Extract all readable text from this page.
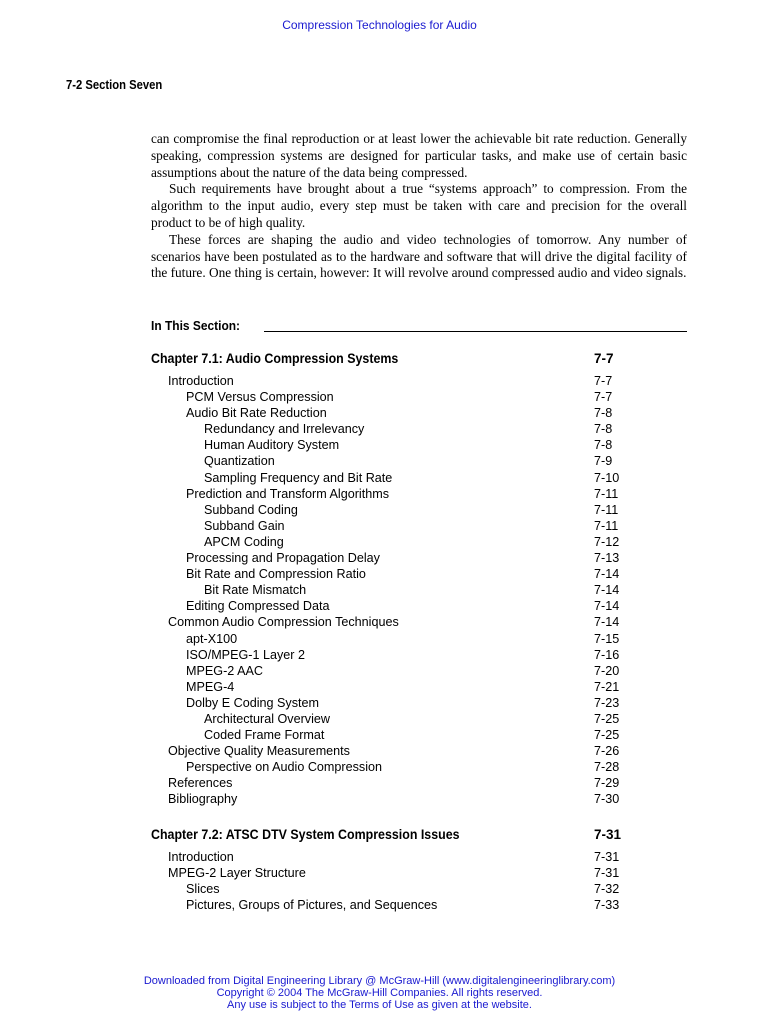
Compression Technologies for Audio
7-2 Section Seven

can compromise the final reproduction or at least lower the achievable bit rate reduction. Generally speaking, compression systems are designed for particular tasks, and make use of certain basic assumptions about the nature of the data being compressed.

Such requirements have brought about a true “systems approach” to compression. From the algorithm to the input audio, every step must be taken with care and precision for the overall product to be of high quality.

These forces are shaping the audio and video technologies of tomorrow. Any number of scenarios have been postulated as to the hardware and software that will drive the digital facility of the future. One thing is certain, however: It will revolve around compressed audio and video signals.

In This Section:
Chapter 7.1: Audio Compression Systems	7-7
Introduction	7-7
PCM Versus Compression	7-7
Audio Bit Rate Reduction	7-8
Redundancy and Irrelevancy	7-8
Human Auditory System	7-8
Quantization	7-9
Sampling Frequency and Bit Rate	7-10
Prediction and Transform Algorithms	7-11
Subband Coding	7-11
Subband Gain	7-11
APCM Coding	7-12
Processing and Propagation Delay	7-13
Bit Rate and Compression Ratio	7-14
Bit Rate Mismatch	7-14
Editing Compressed Data	7-14
Common Audio Compression Techniques	7-14
apt-X100	7-15
ISO/MPEG-1 Layer 2	7-16
MPEG-2 AAC	7-20
MPEG-4	7-21
Dolby E Coding System	7-23
Architectural Overview	7-25
Coded Frame Format	7-25
Objective Quality Measurements	7-26
Perspective on Audio Compression	7-28
References	7-29
Bibliography	7-30
Chapter 7.2: ATSC DTV System Compression Issues	7-31
Introduction	7-31
MPEG-2 Layer Structure	7-31
Slices	7-32
Pictures, Groups of Pictures, and Sequences	7-33
Downloaded from Digital Engineering Library @ McGraw-Hill (www.digitalengineeringlibrary.com)
Copyright © 2004 The McGraw-Hill Companies. All rights reserved.
Any use is subject to the Terms of Use as given at the website.
